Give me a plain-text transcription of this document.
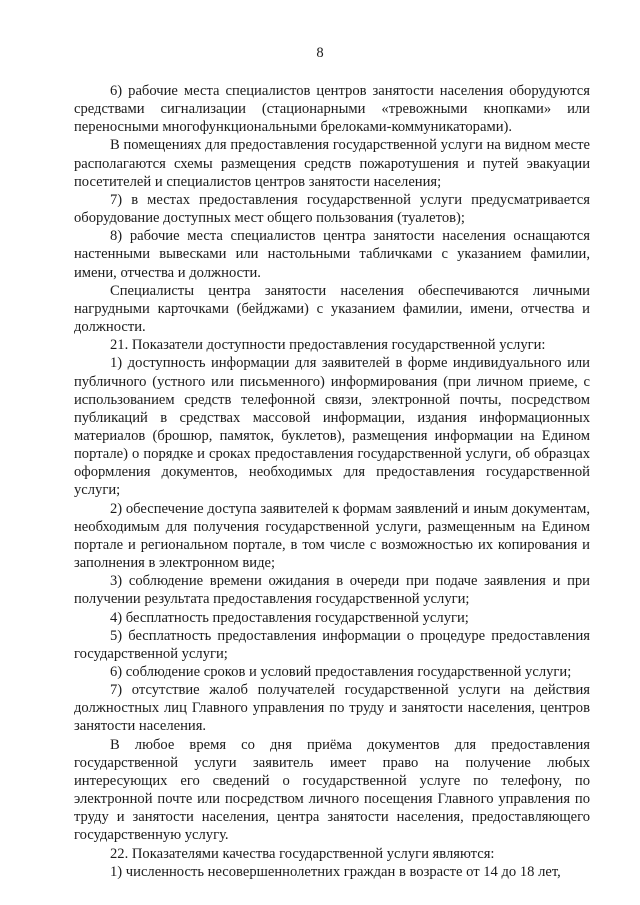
8

6) рабочие места специалистов центров занятости населения оборудуются средствами сигнализации (стационарными «тревожными кнопками» или переносными многофункциональными брелоками-коммуникаторами).

В помещениях для предоставления государственной услуги на видном месте располагаются схемы размещения средств пожаротушения и путей эвакуации посетителей и специалистов центров занятости населения;

7) в местах предоставления государственной услуги предусматривается оборудование доступных мест общего пользования (туалетов);

8) рабочие места специалистов центра занятости населения оснащаются настенными вывесками или настольными табличками с указанием фамилии, имени, отчества и должности.

Специалисты центра занятости населения обеспечиваются личными нагрудными карточками (бейджами) с указанием фамилии, имени, отчества и должности.

21. Показатели доступности предоставления государственной услуги:

1) доступность информации для заявителей в форме индивидуального или публичного (устного или письменного) информирования (при личном приеме, с использованием средств телефонной связи, электронной почты, посредством публикаций в средствах массовой информации, издания информационных материалов (брошюр, памяток, буклетов), размещения информации на Едином портале) о порядке и сроках предоставления государственной услуги, об образцах оформления документов, необходимых для предоставления государственной услуги;

2) обеспечение доступа заявителей к формам заявлений и иным документам, необходимым для получения государственной услуги, размещенным на Едином портале и региональном портале, в том числе с возможностью их копирования и заполнения в электронном виде;

3) соблюдение времени ожидания в очереди при подаче заявления и при получении результата предоставления государственной услуги;

4) бесплатность предоставления государственной услуги;

5) бесплатность предоставления информации о процедуре предоставления государственной услуги;

6) соблюдение сроков и условий предоставления государственной услуги;

7) отсутствие жалоб получателей государственной услуги на действия должностных лиц Главного управления по труду и занятости населения, центров занятости населения.

В любое время со дня приёма документов для предоставления государственной услуги заявитель имеет право на получение любых интересующих его сведений о государственной услуге по телефону, по электронной почте или посредством личного посещения Главного управления по труду и занятости населения, центра занятости населения, предоставляющего государственную услугу.

22. Показателями качества государственной услуги являются:

1) численность несовершеннолетних граждан в возрасте от 14 до 18 лет,
